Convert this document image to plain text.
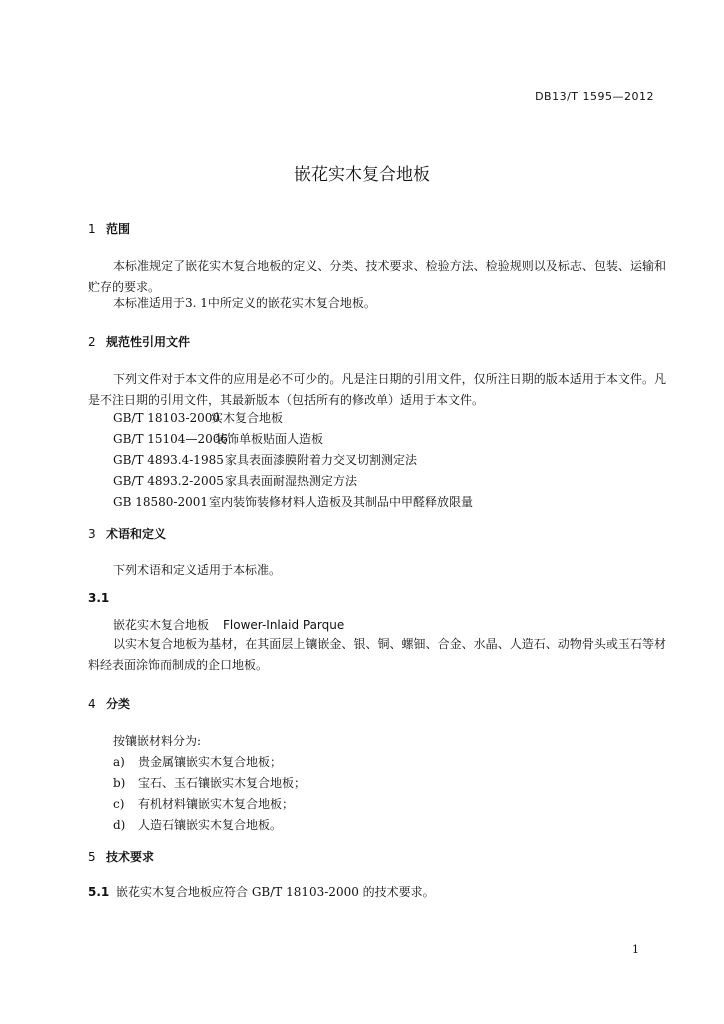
DB13/T 1595—2012
嵌花实木复合地板
1 范围
本标准规定了嵌花实木复合地板的定义、分类、技术要求、检验方法、检验规则以及标志、包装、运输和贮存的要求。
本标准适用于3. 1中所定义的嵌花实木复合地板。
2 规范性引用文件
下列文件对于本文件的应用是必不可少的。凡是注日期的引用文件，仅所注日期的版本适用于本文件。凡是不注日期的引用文件，其最新版本（包括所有的修改单）适用于本文件。
GB/T 18103-2000实木复合地板
GB/T 15104—2006装饰单板贴面人造板
GB/T 4893.4-1985家具表面漆膜附着力交叉切割测定法
GB/T 4893.2-2005家具表面耐湿热测定方法
GB 18580-2001室内装饰装修材料人造板及其制品中甲醛释放限量
3 术语和定义
下列术语和定义适用于本标准。
3.1
嵌花实木复合地板 Flower-Inlaid Parque
以实木复合地板为基材，在其面层上镶嵌金、银、铜、螺钿、合金、水晶、人造石、动物骨头或玉石等材料经表面涂饰而制成的企口地板。
4 分类
按镶嵌材料分为:
a) 贵金属镶嵌实木复合地板；
b) 宝石、玉石镶嵌实木复合地板；
c) 有机材料镶嵌实木复合地板；
d) 人造石镶嵌实木复合地板。
5 技术要求
5.1 嵌花实木复合地板应符合 GB/T 18103-2000 的技术要求。
1
